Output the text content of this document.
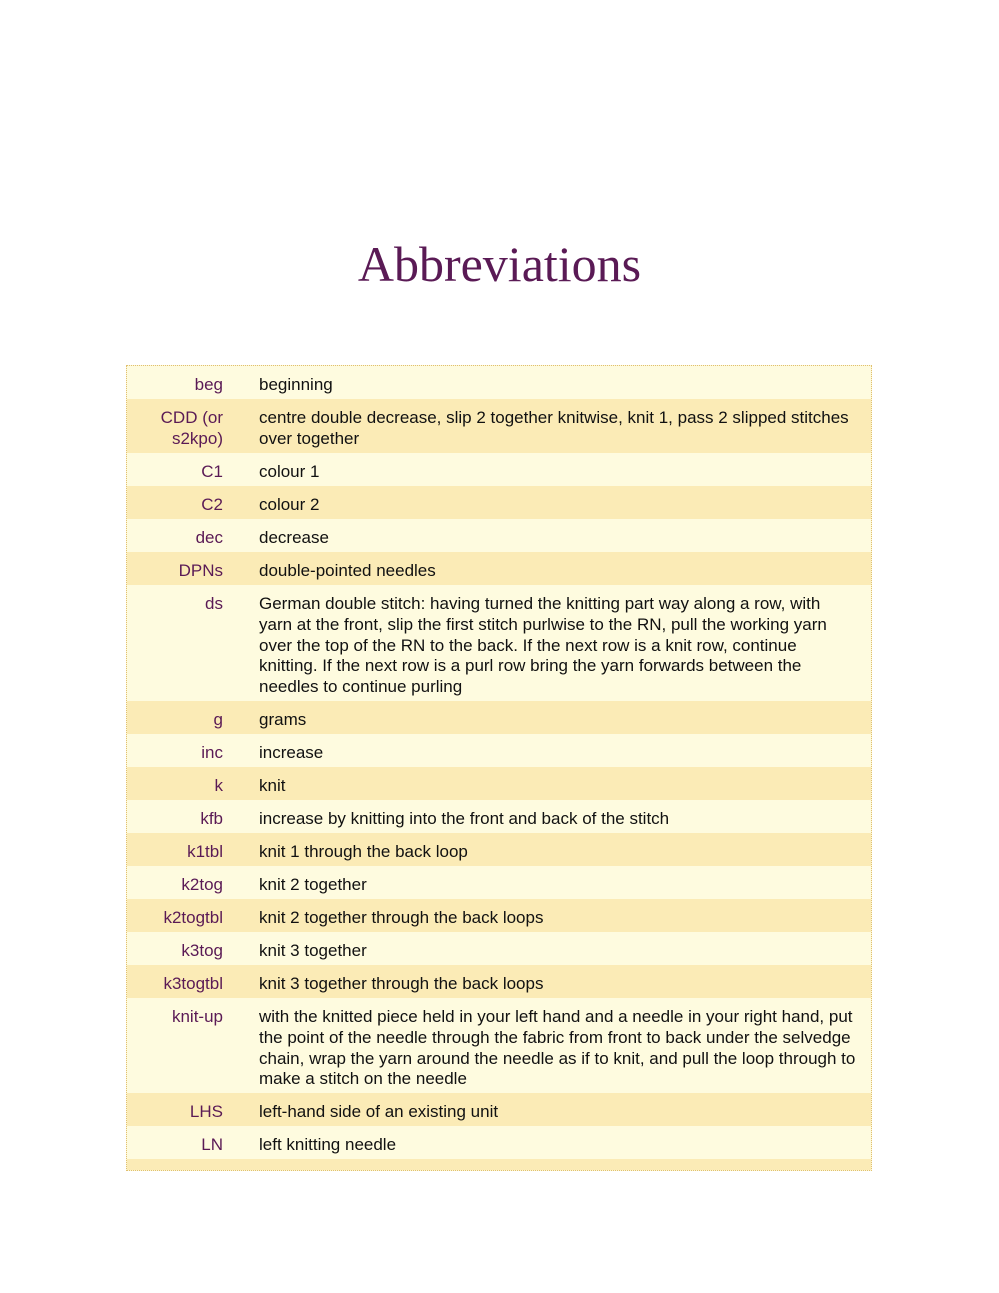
Abbreviations
beg beginning
CDD (or s2kpo)
centre double decrease, slip 2 together knitwise, knit 1, pass 2 slipped stitches over together
C1 colour 1
C2 colour 2
dec decrease
DPNs double-pointed needles
ds German double stitch: having turned the knitting part way along a row, with yarn at the front, slip the first stitch purlwise to the RN, pull the working yarn over the top of the RN to the back. If the next row is a knit row, continue knitting. If the next row is a purl row bring the yarn forwards between the needles to continue purling
g grams
inc increase
k knit
kfb increase by knitting into the front and back of the stitch
k1tbl knit 1 through the back loop
k2tog knit 2 together
k2togtbl knit 2 together through the back loops
k3tog knit 3 together
k3togtbl knit 3 together through the back loops
knit-up with the knitted piece held in your left hand and a needle in your right hand, put the point of the needle through the fabric from front to back under the selvedge chain, wrap the yarn around the needle as if to knit, and pull the loop through to make a stitch on the needle
LHS left-hand side of an existing unit
LN left knitting needle
